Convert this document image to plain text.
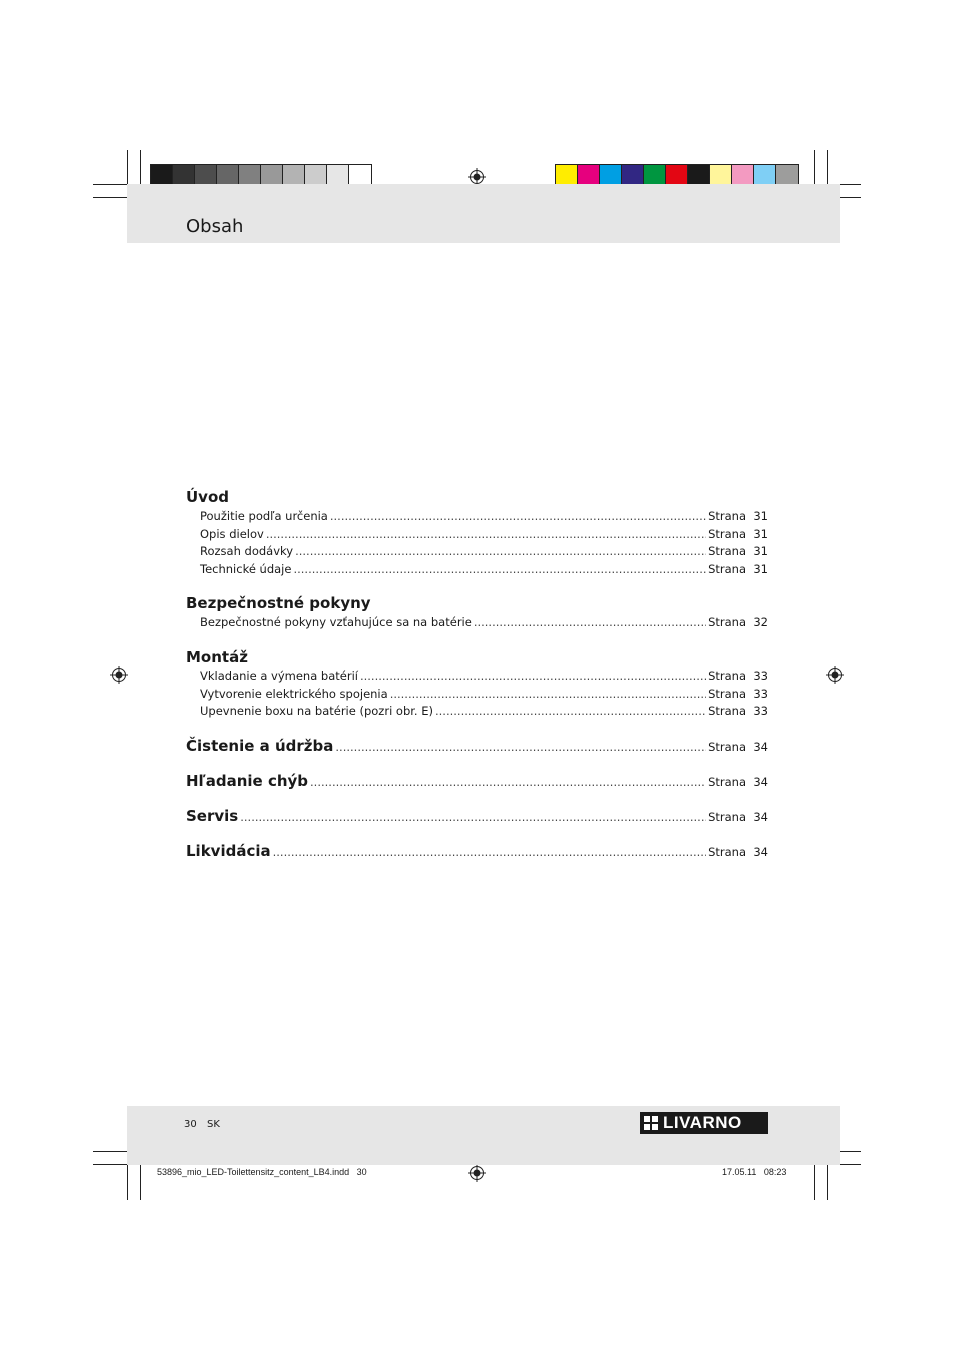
Obsah
Úvod
Použitie podľa určenia .....	Strana 31
Opis dielov .....	Strana 31
Rozsah dodávky .....	Strana 31
Technické údaje .....	Strana 31
Bezpečnostné pokyny
Bezpečnostné pokyny vzťahujúce sa na batérie .....	Strana 32
Montáž
Vkladanie a výmena batérií .....	Strana 33
Vytvorenie elektrického spojenia .....	Strana 33
Upevnenie boxu na batérie (pozri obr. E) .....	Strana 33
Čistenie a údržba .....	Strana 34
Hľadanie chýb .....	Strana 34
Servis .....	Strana 34
Likvidácia .....	Strana 34
30 SK	LIVARNO
53896_mio_LED-Toilettensitz_content_LB4.indd   30	17.05.11   08:23
